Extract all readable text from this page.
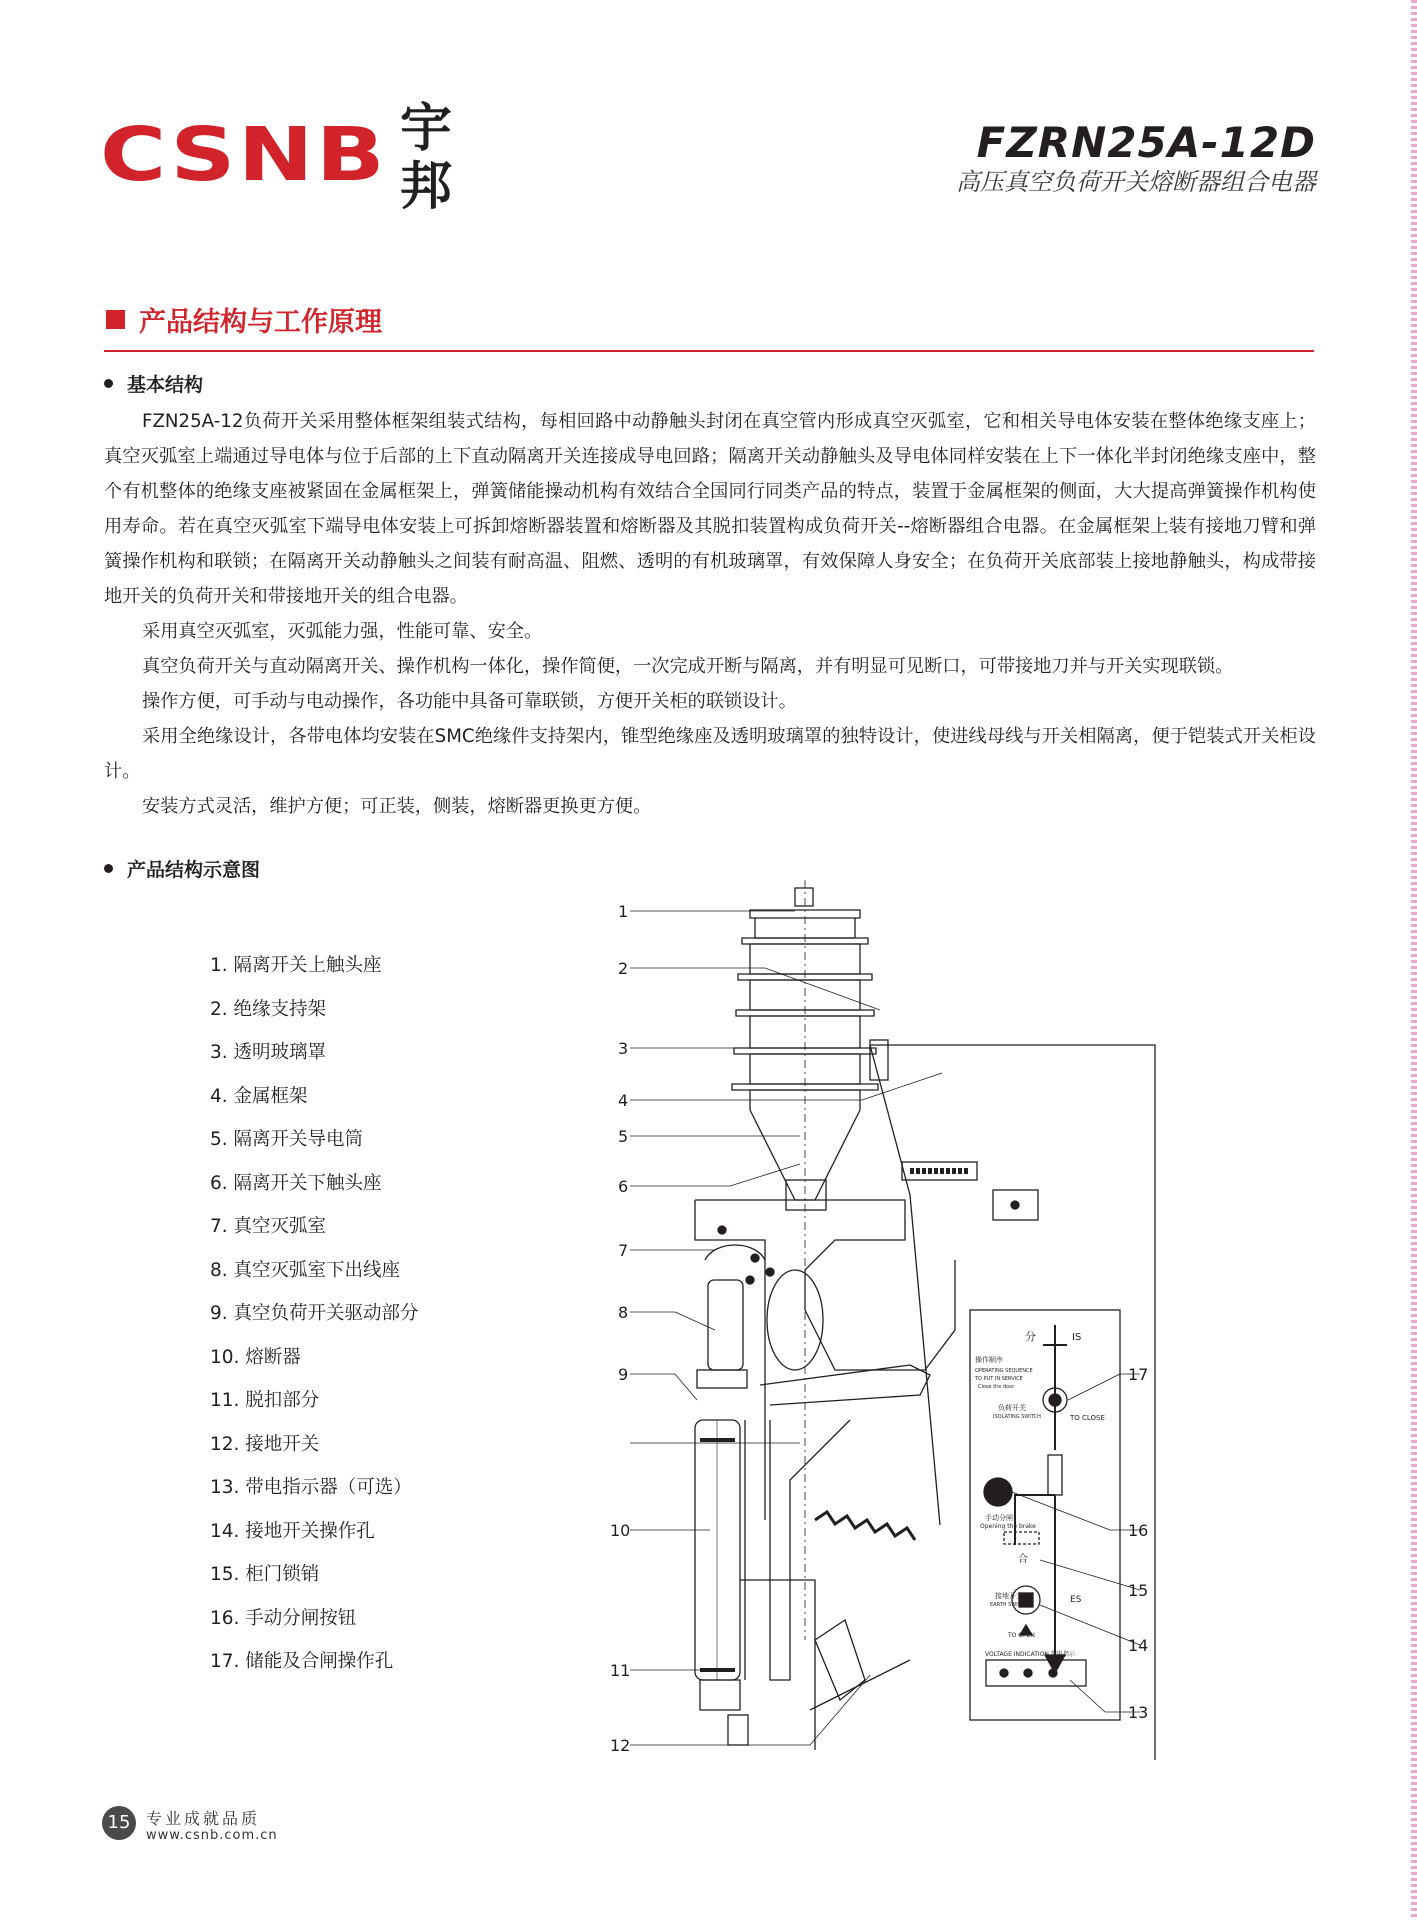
CSNB 宇邦
FZRN25A-12D
高压真空负荷开关熔断器组合电器
产品结构与工作原理
基本结构

FZN25A-12负荷开关采用整体框架组装式结构，每相回路中动静触头封闭在真空管内形成真空灭弧室，它和相关导电体安装在整体绝缘支座上；真空灭弧室上端通过导电体与位于后部的上下直动隔离开关连接成导电回路；隔离开关动静触头及导电体同样安装在上下一体化半封闭绝缘支座中，整个有机整体的绝缘支座被紧固在金属框架上，弹簧储能操动机构有效结合全国同行同类产品的特点，装置于金属框架的侧面，大大提高弹簧操作机构使用寿命。若在真空灭弧室下端导电体安装上可拆卸熔断器装置和熔断器及其脱扣装置构成负荷开关--熔断器组合电器。在金属框架上装有接地刀臂和弹簧操作机构和联锁；在隔离开关动静触头之间装有耐高温、阻燃、透明的有机玻璃罩，有效保障人身安全；在负荷开关底部装上接地静触头，构成带接地开关的负荷开关和带接地开关的组合电器。

采用真空灭弧室，灭弧能力强，性能可靠、安全。

真空负荷开关与直动隔离开关、操作机构一体化，操作简便，一次完成开断与隔离，并有明显可见断口，可带接地刀并与开关实现联锁。

操作方便，可手动与电动操作，各功能中具备可靠联锁，方便开关柜的联锁设计。

采用全绝缘设计，各带电体均安装在SMC绝缘件支持架内，锥型绝缘座及透明玻璃罩的独特设计，使进线母线与开关相隔离，便于铠装式开关柜设计。

安装方式灵活，维护方便；可正装，侧装，熔断器更换更方便。

产品结构示意图
1. 隔离开关上触头座
2. 绝缘支持架
3. 透明玻璃罩
4. 金属框架
5. 隔离开关导电筒
6. 隔离开关下触头座
7. 真空灭弧室
8. 真空灭弧室下出线座
9. 真空负荷开关驱动部分
10. 熔断器
11. 脱扣部分
12. 接地开关
13. 带电指示器（可选）
14. 接地开关操作孔
15. 柜门锁销
16. 手动分闸按钮
17. 储能及合闸操作孔
分	IS
操作顺序
OPERATING SEQUENCE
TO PUT IN SERVICE
Close the door
负荷开关
ISOLATING SWITCH	TO CLOSE
手动分闸
Opening the brake
合
接地开关
EARTH SWITCH	ES
TO OPEN
VOLTAGE INDICATION 带电指示
1
2
3
4
5
6
7
8
9
10
11
12
13
14
15
16
17
15 专业成就品质
www.csnb.com.cn
